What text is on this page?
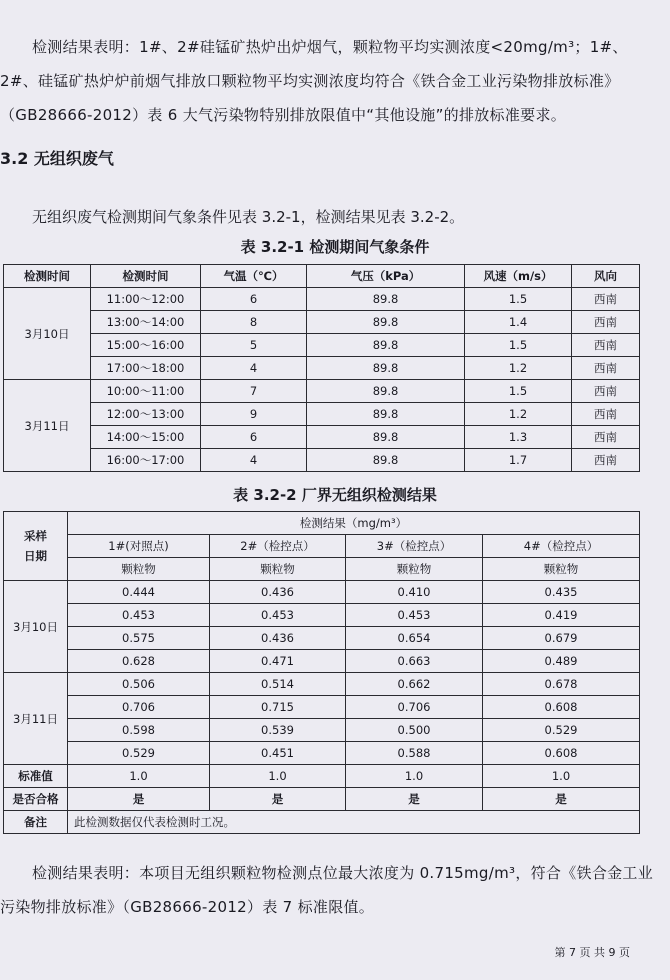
检测结果表明：1#、2#硅锰矿热炉出炉烟气，颗粒物平均实测浓度<20mg/m³；1#、2#、硅锰矿热炉炉前烟气排放口颗粒物平均实测浓度均符合《铁合金工业污染物排放标准》（GB28666-2012）表 6 大气污染物特别排放限值中“其他设施”的排放标准要求。
3.2 无组织废气
无组织废气检测期间气象条件见表 3.2-1，检测结果见表 3.2-2。
表 3.2-1 检测期间气象条件
检测时间	检测时间	气温（℃）	气压（kPa）	风速（m/s）	风向
3月10日	11:00～12:00	6	89.8	1.5	西南
	13:00～14:00	8	89.8	1.4	西南
	15:00～16:00	5	89.8	1.5	西南
	17:00～18:00	4	89.8	1.2	西南
3月11日	10:00～11:00	7	89.8	1.5	西南
	12:00～13:00	9	89.8	1.2	西南
	14:00～15:00	6	89.8	1.3	西南
	16:00～17:00	4	89.8	1.7	西南
表 3.2-2 厂界无组织检测结果
采样
日期	检测结果（mg/m³）			
	1#(对照点)	2#（检控点）	3#（检控点）	4#（检控点）
	颗粒物	颗粒物	颗粒物	颗粒物
3月10日	0.444	0.436	0.410	0.435
	0.453	0.453	0.453	0.419
	0.575	0.436	0.654	0.679
	0.628	0.471	0.663	0.489
3月11日	0.506	0.514	0.662	0.678
	0.706	0.715	0.706	0.608
	0.598	0.539	0.500	0.529
	0.529	0.451	0.588	0.608
标准值	1.0	1.0	1.0	1.0
是否合格	是	是	是	是
备注	此检测数据仅代表检测时工况。			
检测结果表明：本项目无组织颗粒物检测点位最大浓度为 0.715mg/m³，符合《铁合金工业污染物排放标准》（GB28666-2012）表 7 标准限值。
第 7 页 共 9 页
